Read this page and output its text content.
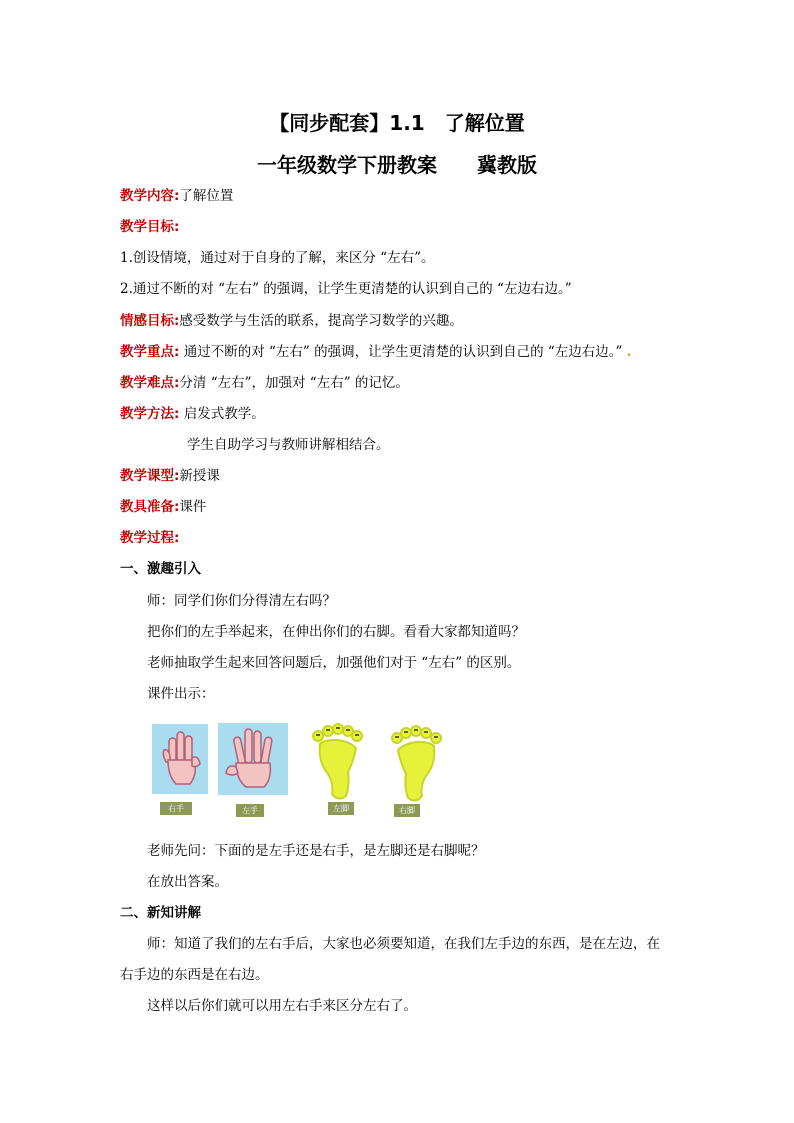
【同步配套】1.1　了解位置
一年级数学下册教案　　冀教版
教学内容:了解位置
教学目标:
1.创设情境，通过对于自身的了解，来区分 “左右”。
2.通过不断的对 “左右” 的强调，让学生更清楚的认识到自己的 “左边右边。”
情感目标:感受数学与生活的联系，提高学习数学的兴趣。
教学重点: 通过不断的对 “左右” 的强调，让学生更清楚的认识到自己的 “左边右边。” .
教学难点:分清 “左右”，加强对 “左右” 的记忆。
教学方法: 启发式教学。
学生自助学习与教师讲解相结合。
教学课型:新授课
教具准备:课件
教学过程:
一、激趣引入
师：同学们你们分得清左右吗？
把你们的左手举起来，在伸出你们的右脚。看看大家都知道吗？
老师抽取学生起来回答问题后，加强他们对于 “左右” 的区别。
课件出示：
右手	左手	左脚	右脚
老师先问：下面的是左手还是右手，是左脚还是右脚呢？
在放出答案。
二、新知讲解
师：知道了我们的左右手后，大家也必须要知道，在我们左手边的东西，是在左边，在
右手边的东西是在右边。
这样以后你们就可以用左右手来区分左右了。
